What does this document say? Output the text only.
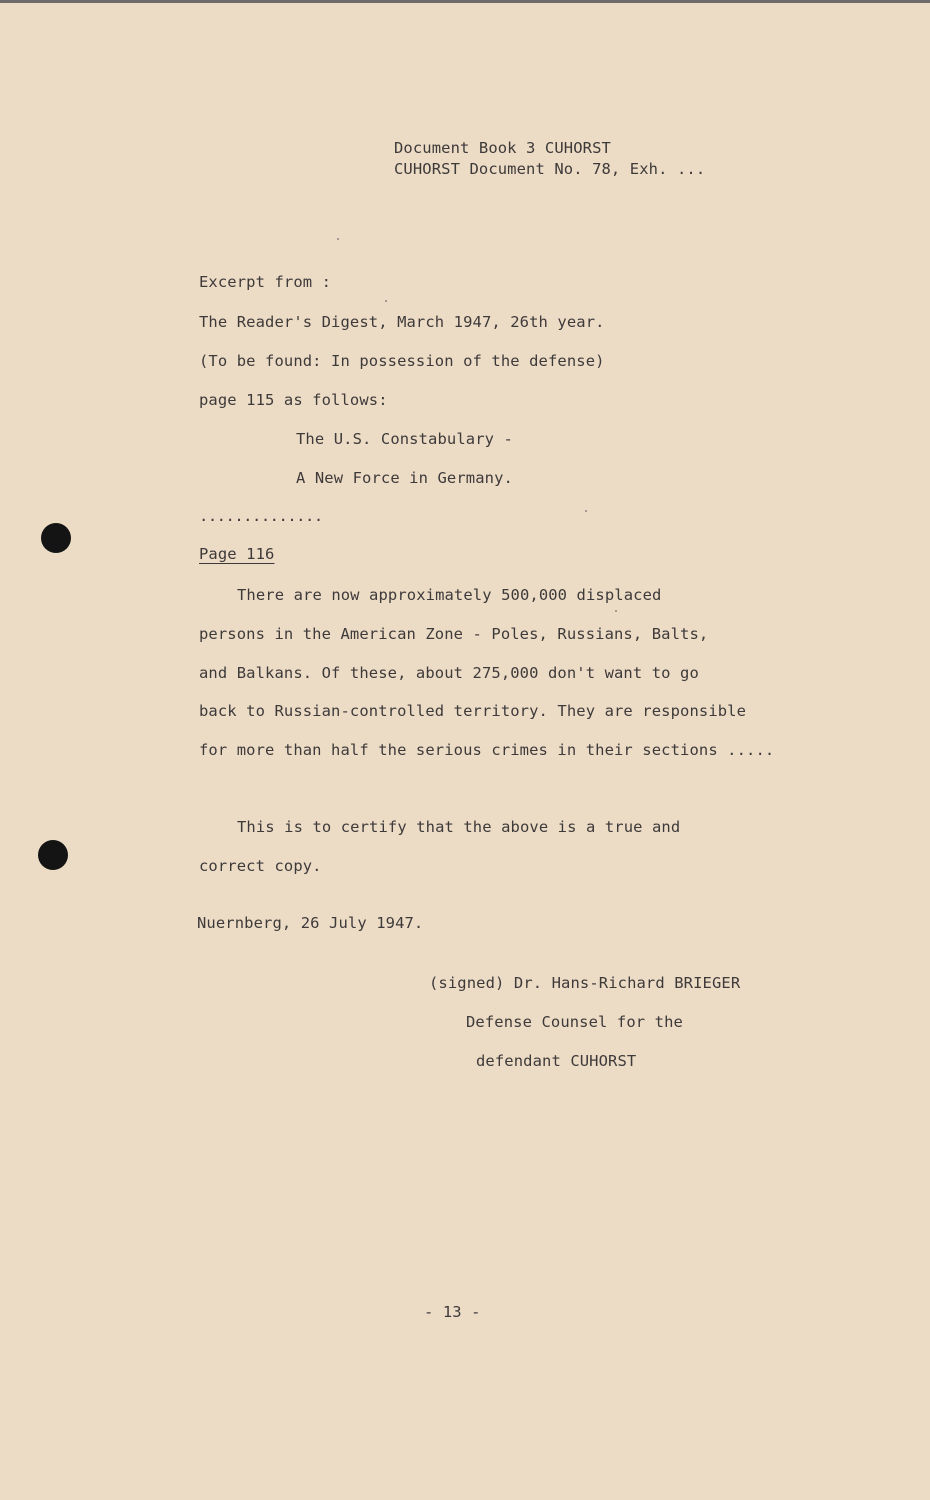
Document Book 3 CUHORST
CUHORST Document No. 78, Exh. ...
Excerpt from :
The Reader's Digest, March 1947, 26th year.
(To be found: In possession of the defense)
page 115 as follows:
The U.S. Constabulary -
A New Force in Germany.
..............
Page 116
There are now approximately 500,000 displaced
persons in the American Zone - Poles, Russians, Balts,
and Balkans. Of these, about 275,000 don't want to go
back to Russian-controlled territory. They are responsible
for more than half the serious crimes in their sections .....
This is to certify that the above is a true and
correct copy.
Nuernberg, 26 July 1947.
(signed) Dr. Hans-Richard BRIEGER
Defense Counsel for the
defendant CUHORST
- 13 -
